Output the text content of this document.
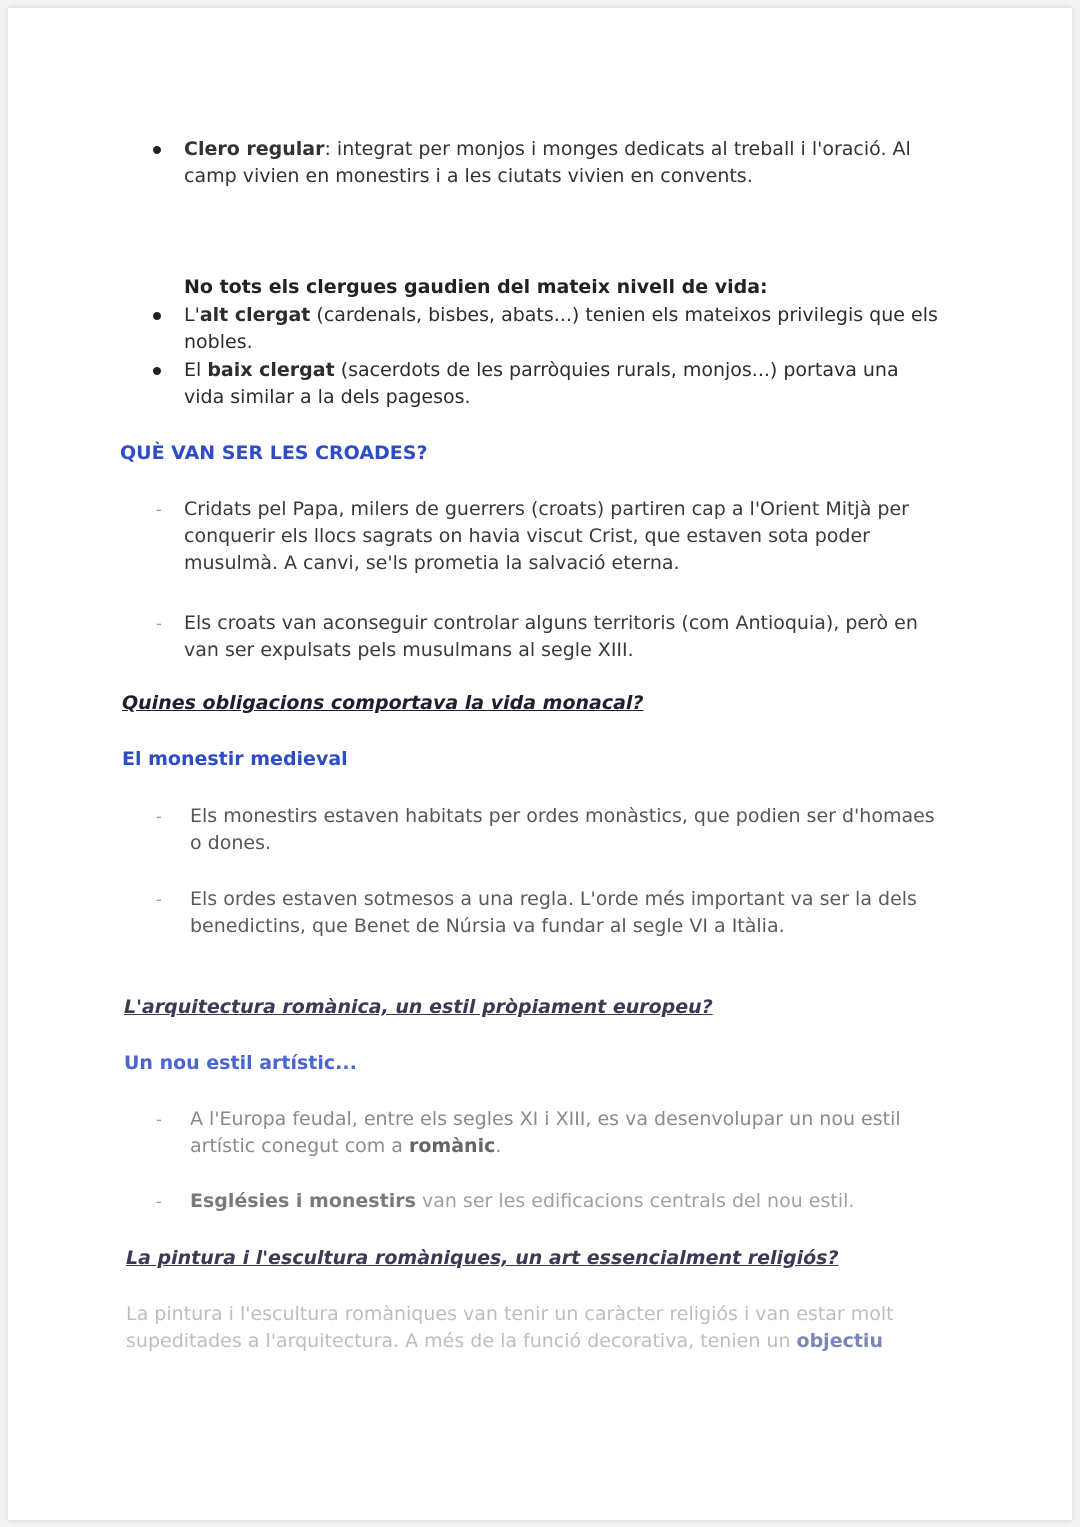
Clero regular: integrat per monjos i monges dedicats al treball i l'oració. Al camp vivien en monestirs i a les ciutats vivien en convents.
No tots els clergues gaudien del mateix nivell de vida:
L'alt clergat (cardenals, bisbes, abats...) tenien els mateixos privilegis que els nobles.
El baix clergat (sacerdots de les parròquies rurals, monjos...) portava una vida similar a la dels pagesos.
QUÈ VAN SER LES CROADES?
- Cridats pel Papa, milers de guerrers (croats) partiren cap a l'Orient Mitjà per conquerir els llocs sagrats on havia viscut Crist, que estaven sota poder musulmà. A canvi, se'ls prometia la salvació eterna.
- Els croats van aconseguir controlar alguns territoris (com Antioquia), però en van ser expulsats pels musulmans al segle XIII.
Quines obligacions comportava la vida monacal?
El monestir medieval
- Els monestirs estaven habitats per ordes monàstics, que podien ser d'homaes o dones.
- Els ordes estaven sotmesos a una regla. L'orde més important va ser la dels benedictins, que Benet de Núrsia va fundar al segle VI a Itàlia.
L'arquitectura romànica, un estil pròpiament europeu?
Un nou estil artístic...
- A l'Europa feudal, entre els segles XI i XIII, es va desenvolupar un nou estil artístic conegut com a romànic.
- Esglésies i monestirs van ser les edificacions centrals del nou estil.
La pintura i l'escultura romàniques, un art essencialment religiós?
La pintura i l'escultura romàniques van tenir un caràcter religiós i van estar molt supeditades a l'arquitectura. A més de la funció decorativa, tenien un objectiu
